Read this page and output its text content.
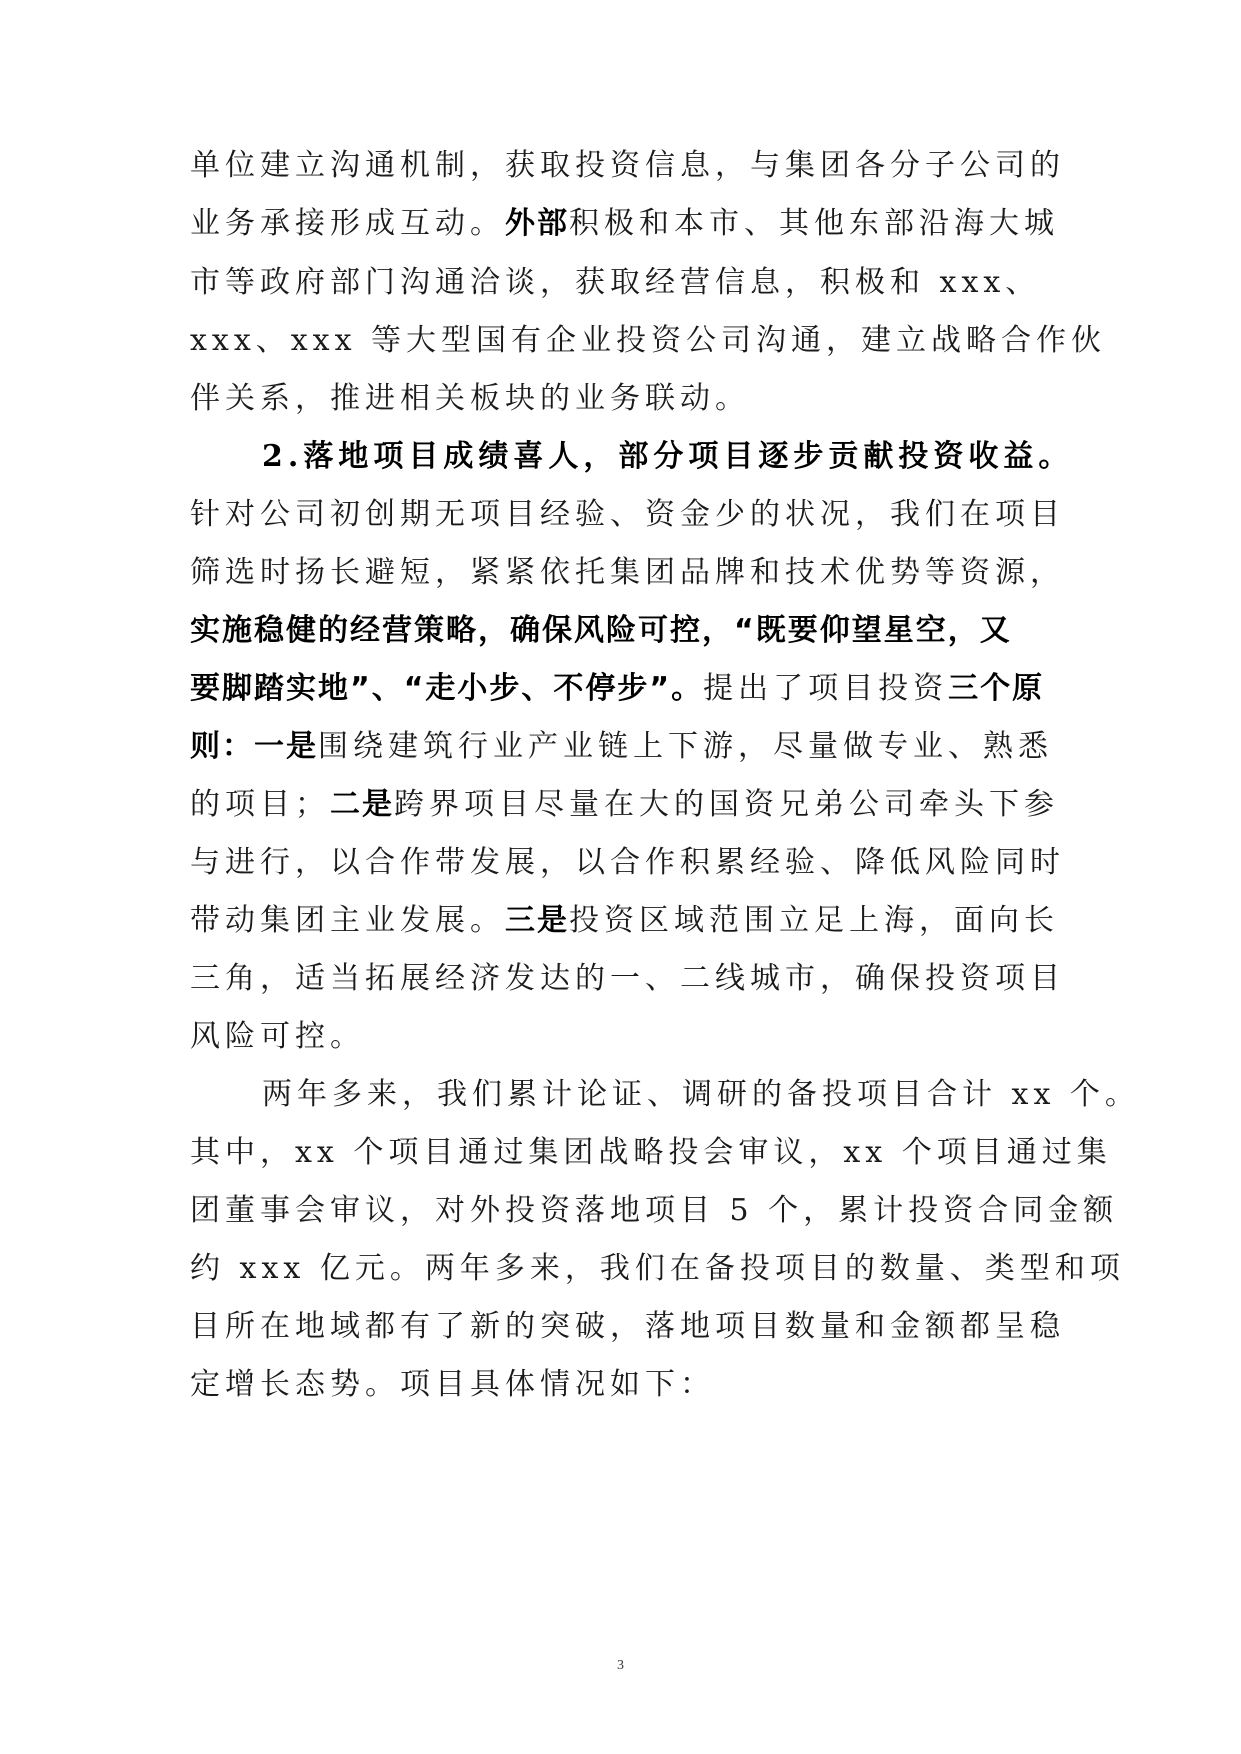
单位建立沟通机制，获取投资信息，与集团各分子公司的
业务承接形成互动。外部积极和本市、其他东部沿海大城
市等政府部门沟通洽谈，获取经营信息，积极和 xxx、
xxx、xxx 等大型国有企业投资公司沟通，建立战略合作伙
伴关系，推进相关板块的业务联动。
2.落地项目成绩喜人，部分项目逐步贡献投资收益。
针对公司初创期无项目经验、资金少的状况，我们在项目
筛选时扬长避短，紧紧依托集团品牌和技术优势等资源，
实施稳健的经营策略，确保风险可控，“既要仰望星空，又
要脚踏实地”、“走小步、不停步”。提出了项目投资三个原
则：一是围绕建筑行业产业链上下游，尽量做专业、熟悉
的项目；二是跨界项目尽量在大的国资兄弟公司牵头下参
与进行，以合作带发展，以合作积累经验、降低风险同时
带动集团主业发展。三是投资区域范围立足上海，面向长
三角，适当拓展经济发达的一、二线城市，确保投资项目
风险可控。
两年多来，我们累计论证、调研的备投项目合计 xx 个。
其中，xx 个项目通过集团战略投会审议，xx 个项目通过集
团董事会审议，对外投资落地项目 5 个，累计投资合同金额
约 xxx 亿元。两年多来，我们在备投项目的数量、类型和项
目所在地域都有了新的突破，落地项目数量和金额都呈稳
定增长态势。项目具体情况如下：
3
